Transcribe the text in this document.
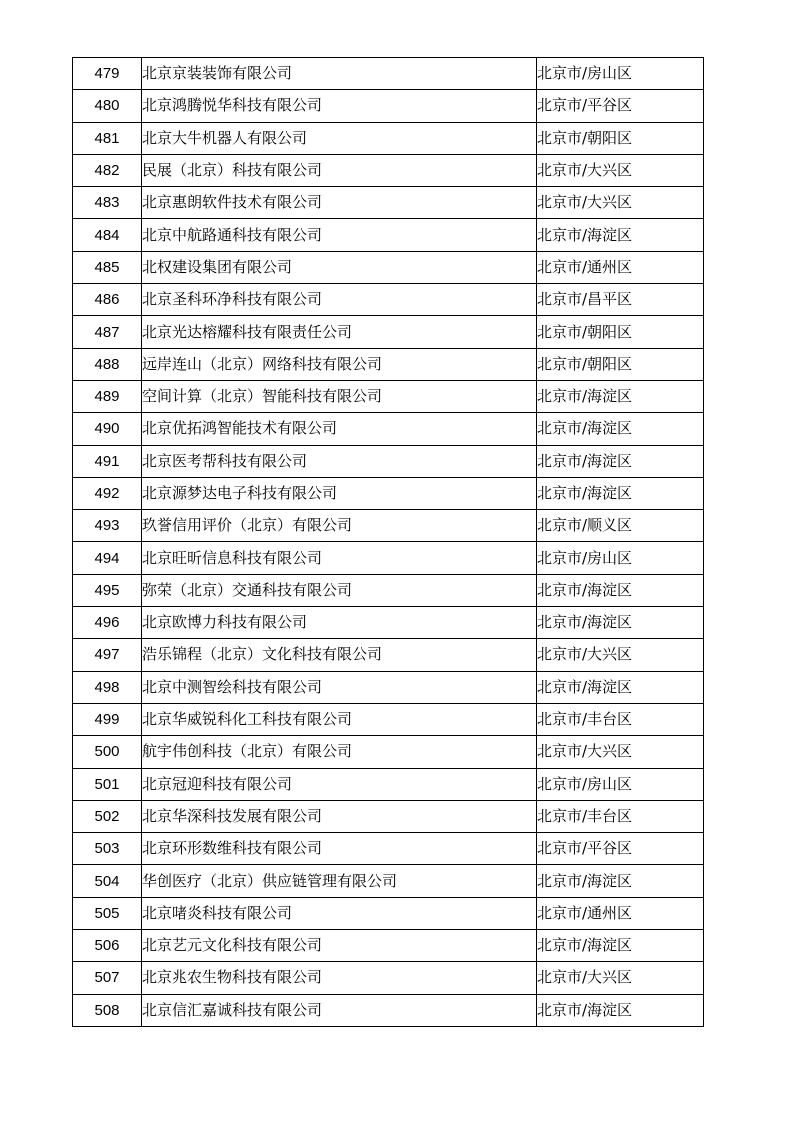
479	北京京装装饰有限公司	北京市/房山区
480	北京鸿腾悦华科技有限公司	北京市/平谷区
481	北京大牛机器人有限公司	北京市/朝阳区
482	民展（北京）科技有限公司	北京市/大兴区
483	北京惠朗软件技术有限公司	北京市/大兴区
484	北京中航路通科技有限公司	北京市/海淀区
485	北权建设集团有限公司	北京市/通州区
486	北京圣科环净科技有限公司	北京市/昌平区
487	北京光达榕耀科技有限责任公司	北京市/朝阳区
488	远岸连山（北京）网络科技有限公司	北京市/朝阳区
489	空间计算（北京）智能科技有限公司	北京市/海淀区
490	北京优拓鸿智能技术有限公司	北京市/海淀区
491	北京医考帮科技有限公司	北京市/海淀区
492	北京源梦达电子科技有限公司	北京市/海淀区
493	玖誉信用评价（北京）有限公司	北京市/顺义区
494	北京旺昕信息科技有限公司	北京市/房山区
495	弥荣（北京）交通科技有限公司	北京市/海淀区
496	北京欧博力科技有限公司	北京市/海淀区
497	浩乐锦程（北京）文化科技有限公司	北京市/大兴区
498	北京中测智绘科技有限公司	北京市/海淀区
499	北京华威锐科化工科技有限公司	北京市/丰台区
500	航宇伟创科技（北京）有限公司	北京市/大兴区
501	北京冠迎科技有限公司	北京市/房山区
502	北京华深科技发展有限公司	北京市/丰台区
503	北京环形数维科技有限公司	北京市/平谷区
504	华创医疗（北京）供应链管理有限公司	北京市/海淀区
505	北京啫炎科技有限公司	北京市/通州区
506	北京艺元文化科技有限公司	北京市/海淀区
507	北京兆农生物科技有限公司	北京市/大兴区
508	北京信汇嘉诚科技有限公司	北京市/海淀区
